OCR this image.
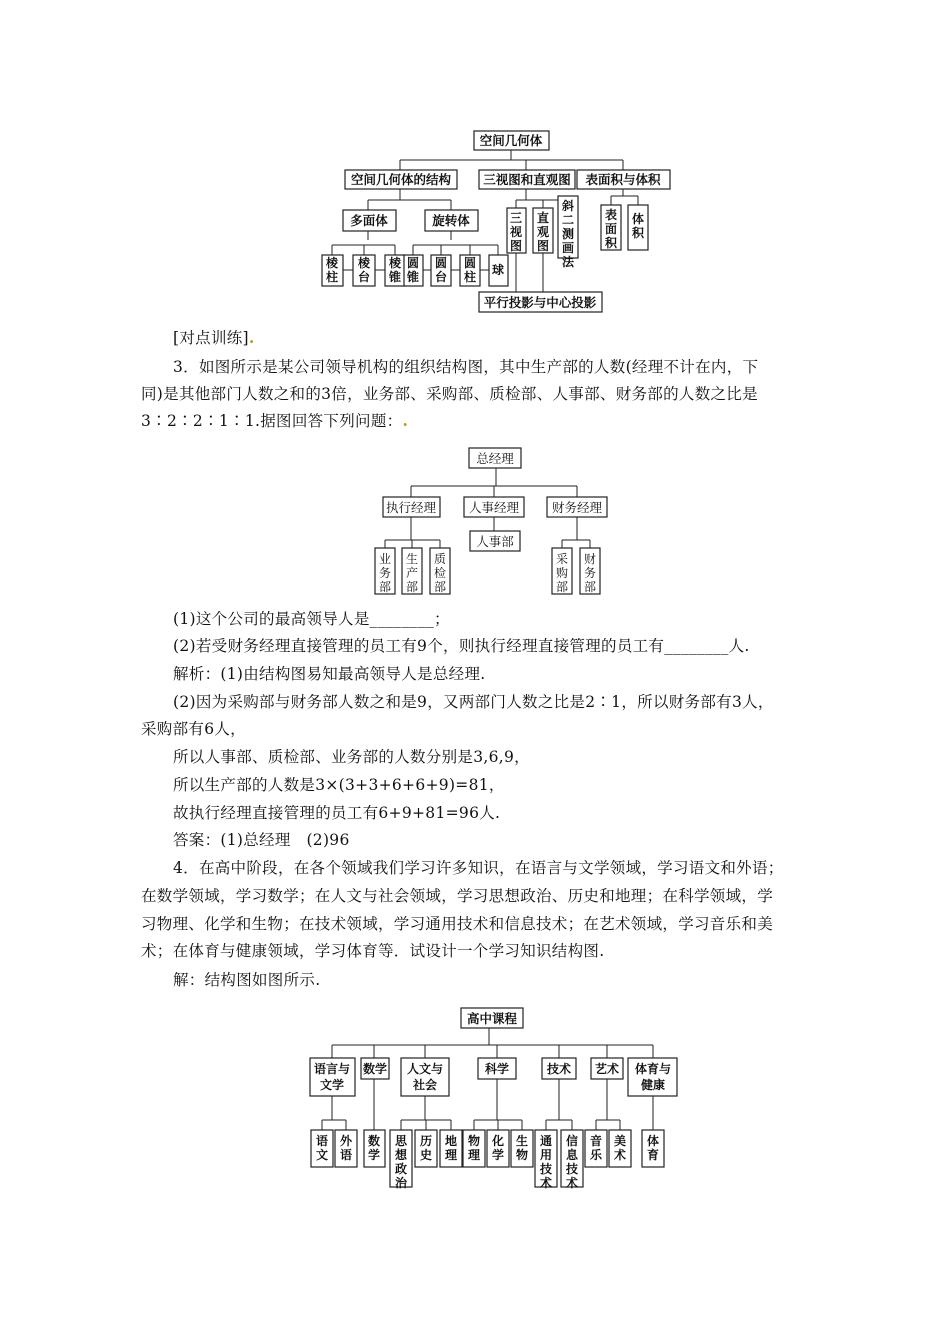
空间几何体
空间几何体的结构	三视图和直观图 表面积与体积
多面体	旋转体
平行投影与中心投影
棱柱
棱台
棱锥
圆锥
圆台
圆柱 球
三视图
直观图
斜二测画法
表面积
体积
[对点训练].
3．如图所示是某公司领导机构的组织结构图，其中生产部的人数(经理不计在内，下
同)是其他部门人数之和的3倍，业务部、采购部、质检部、人事部、财务部的人数之比是
3∶2∶2∶1∶1.据图回答下列问题：.
总经理
执行经理	人事经理	财务经理
人事部
业务部
生产部
质检部
采购部
财务部
(1)这个公司的最高领导人是________；
(2)若受财务经理直接管理的员工有9个，则执行经理直接管理的员工有________人.
解析：(1)由结构图易知最高领导人是总经理.
(2)因为采购部与财务部人数之和是9，又两部门人数之比是2∶1，所以财务部有3人，
采购部有6人，
所以人事部、质检部、业务部的人数分别是3,6,9，
所以生产部的人数是3×(3+3+6+6+9)=81，
故执行经理直接管理的员工有6+9+81=96人.
答案：(1)总经理　(2)96
4．在高中阶段，在各个领域我们学习许多知识，在语言与文学领域，学习语文和外语；
在数学领域，学习数学；在人文与社会领域，学习思想政治、历史和地理；在科学领域，学
习物理、化学和生物；在技术领域，学习通用技术和信息技术；在艺术领域，学习音乐和美
术；在体育与健康领域，学习体育等．试设计一个学习知识结构图.
解：结构图如图所示.
高中课程
语言与文学
数学 人文与社会
科学	技术 艺术 体育与健康
语文
外语
数学
思想政治
历史
地理
物理
化学
生物
通用技术
信息技术
音乐
美术
体育
